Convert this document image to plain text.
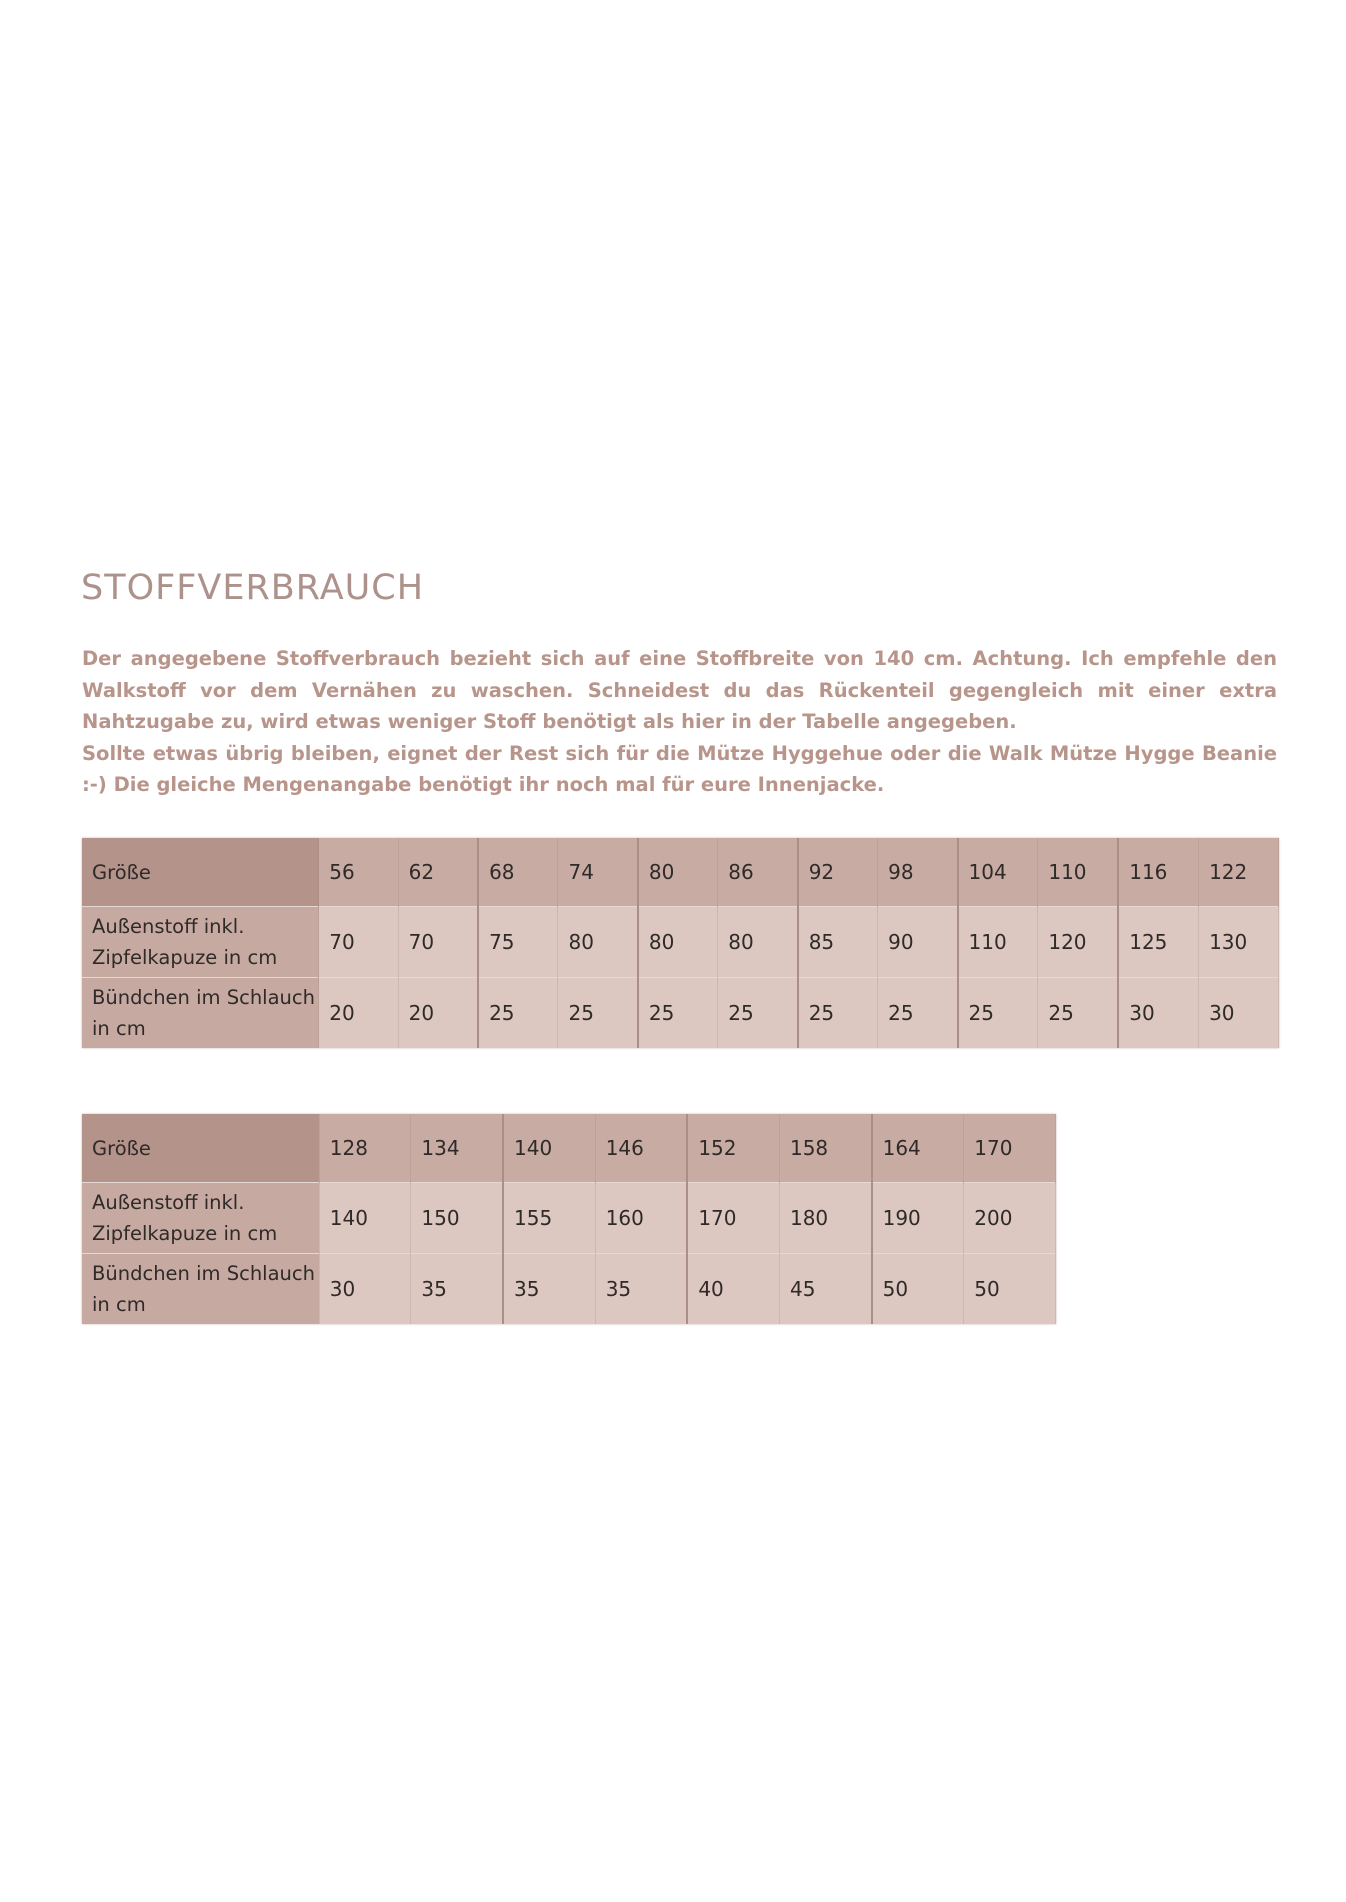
STOFFVERBRAUCH
Der angegebene Stoffverbrauch bezieht sich auf eine Stoffbreite von 140 cm. Achtung. Ich empfehle den Walkstoff vor dem Vernähen zu waschen. Schneidest du das Rückenteil gegengleich mit einer extra Nahtzugabe zu, wird etwas weniger Stoff benötigt als hier in der Tabelle angegeben.
Sollte etwas übrig bleiben, eignet der Rest sich für die Mütze Hyggehue oder die Walk Mütze Hygge Beanie :-) Die gleiche Mengenangabe benötigt ihr noch mal für eure Innenjacke.
Größe	56	62	68	74	80	86	92	98	104	110	116	122
Außenstoff inkl. Zipfelkapuze in cm	70	70	75	80	80	80	85	90	110	120	125	130
Bündchen im Schlauch in cm	20	20	25	25	25	25	25	25	25	25	30	30
Größe	128	134	140	146	152	158	164	170
Außenstoff inkl. Zipfelkapuze in cm	140	150	155	160	170	180	190	200
Bündchen im Schlauch in cm	30	35	35	35	40	45	50	50
